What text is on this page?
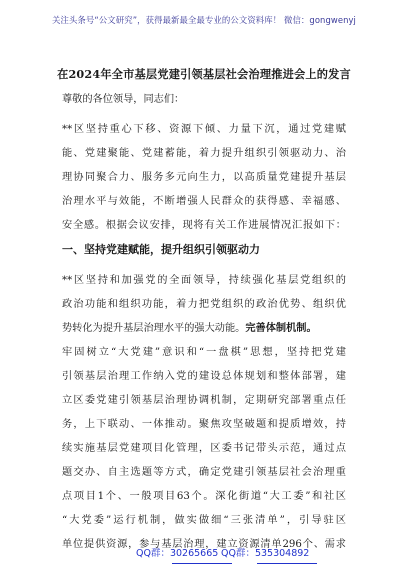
关注头条号“公文研究”，获得最新最全最专业的公文资料库！ 微信：gongwenyj
在2024年全市基层党建引领基层社会治理推进会上的发言
尊敬的各位领导，同志们：
**区坚持重心下移、资源下倾、力量下沉，通过党建赋
能、党建聚能、党建蓄能，着力提升组织引领驱动力、治
理协同聚合力、服务多元向生力，以高质量党建提升基层
治理水平与效能，不断增强人民群众的获得感、幸福感、
安全感。根据会议安排，现将有关工作进展情况汇报如下：
一、坚持党建赋能，提升组织引领驱动力
**区坚持和加强党的全面领导，持续强化基层党组织的
政治功能和组织功能，着力把党组织的政治优势、组织优
势转化为提升基层治理水平的强大动能。完善体制机制。
牢固树立“大党建”意识和“一盘棋”思想，坚持把党建
引领基层治理工作纳入党的建设总体规划和整体部署，建
立区委党建引领基层治理协调机制，定期研究部署重点任
务，上下联动、一体推动。聚焦攻坚破题和提质增效，持
续实施基层党建项目化管理，区委书记带头示范，通过点
题交办、自主选题等方式，确定党建引领基层社会治理重
点项目1个、一般项目63个。深化街道“大工委”和社区
“大党委”运行机制，做实做细“三张清单”，引导驻区
单位提供资源，参与基层治理，建立资源清单296个、需求
QQ群：30265665 QQ群：535304892
